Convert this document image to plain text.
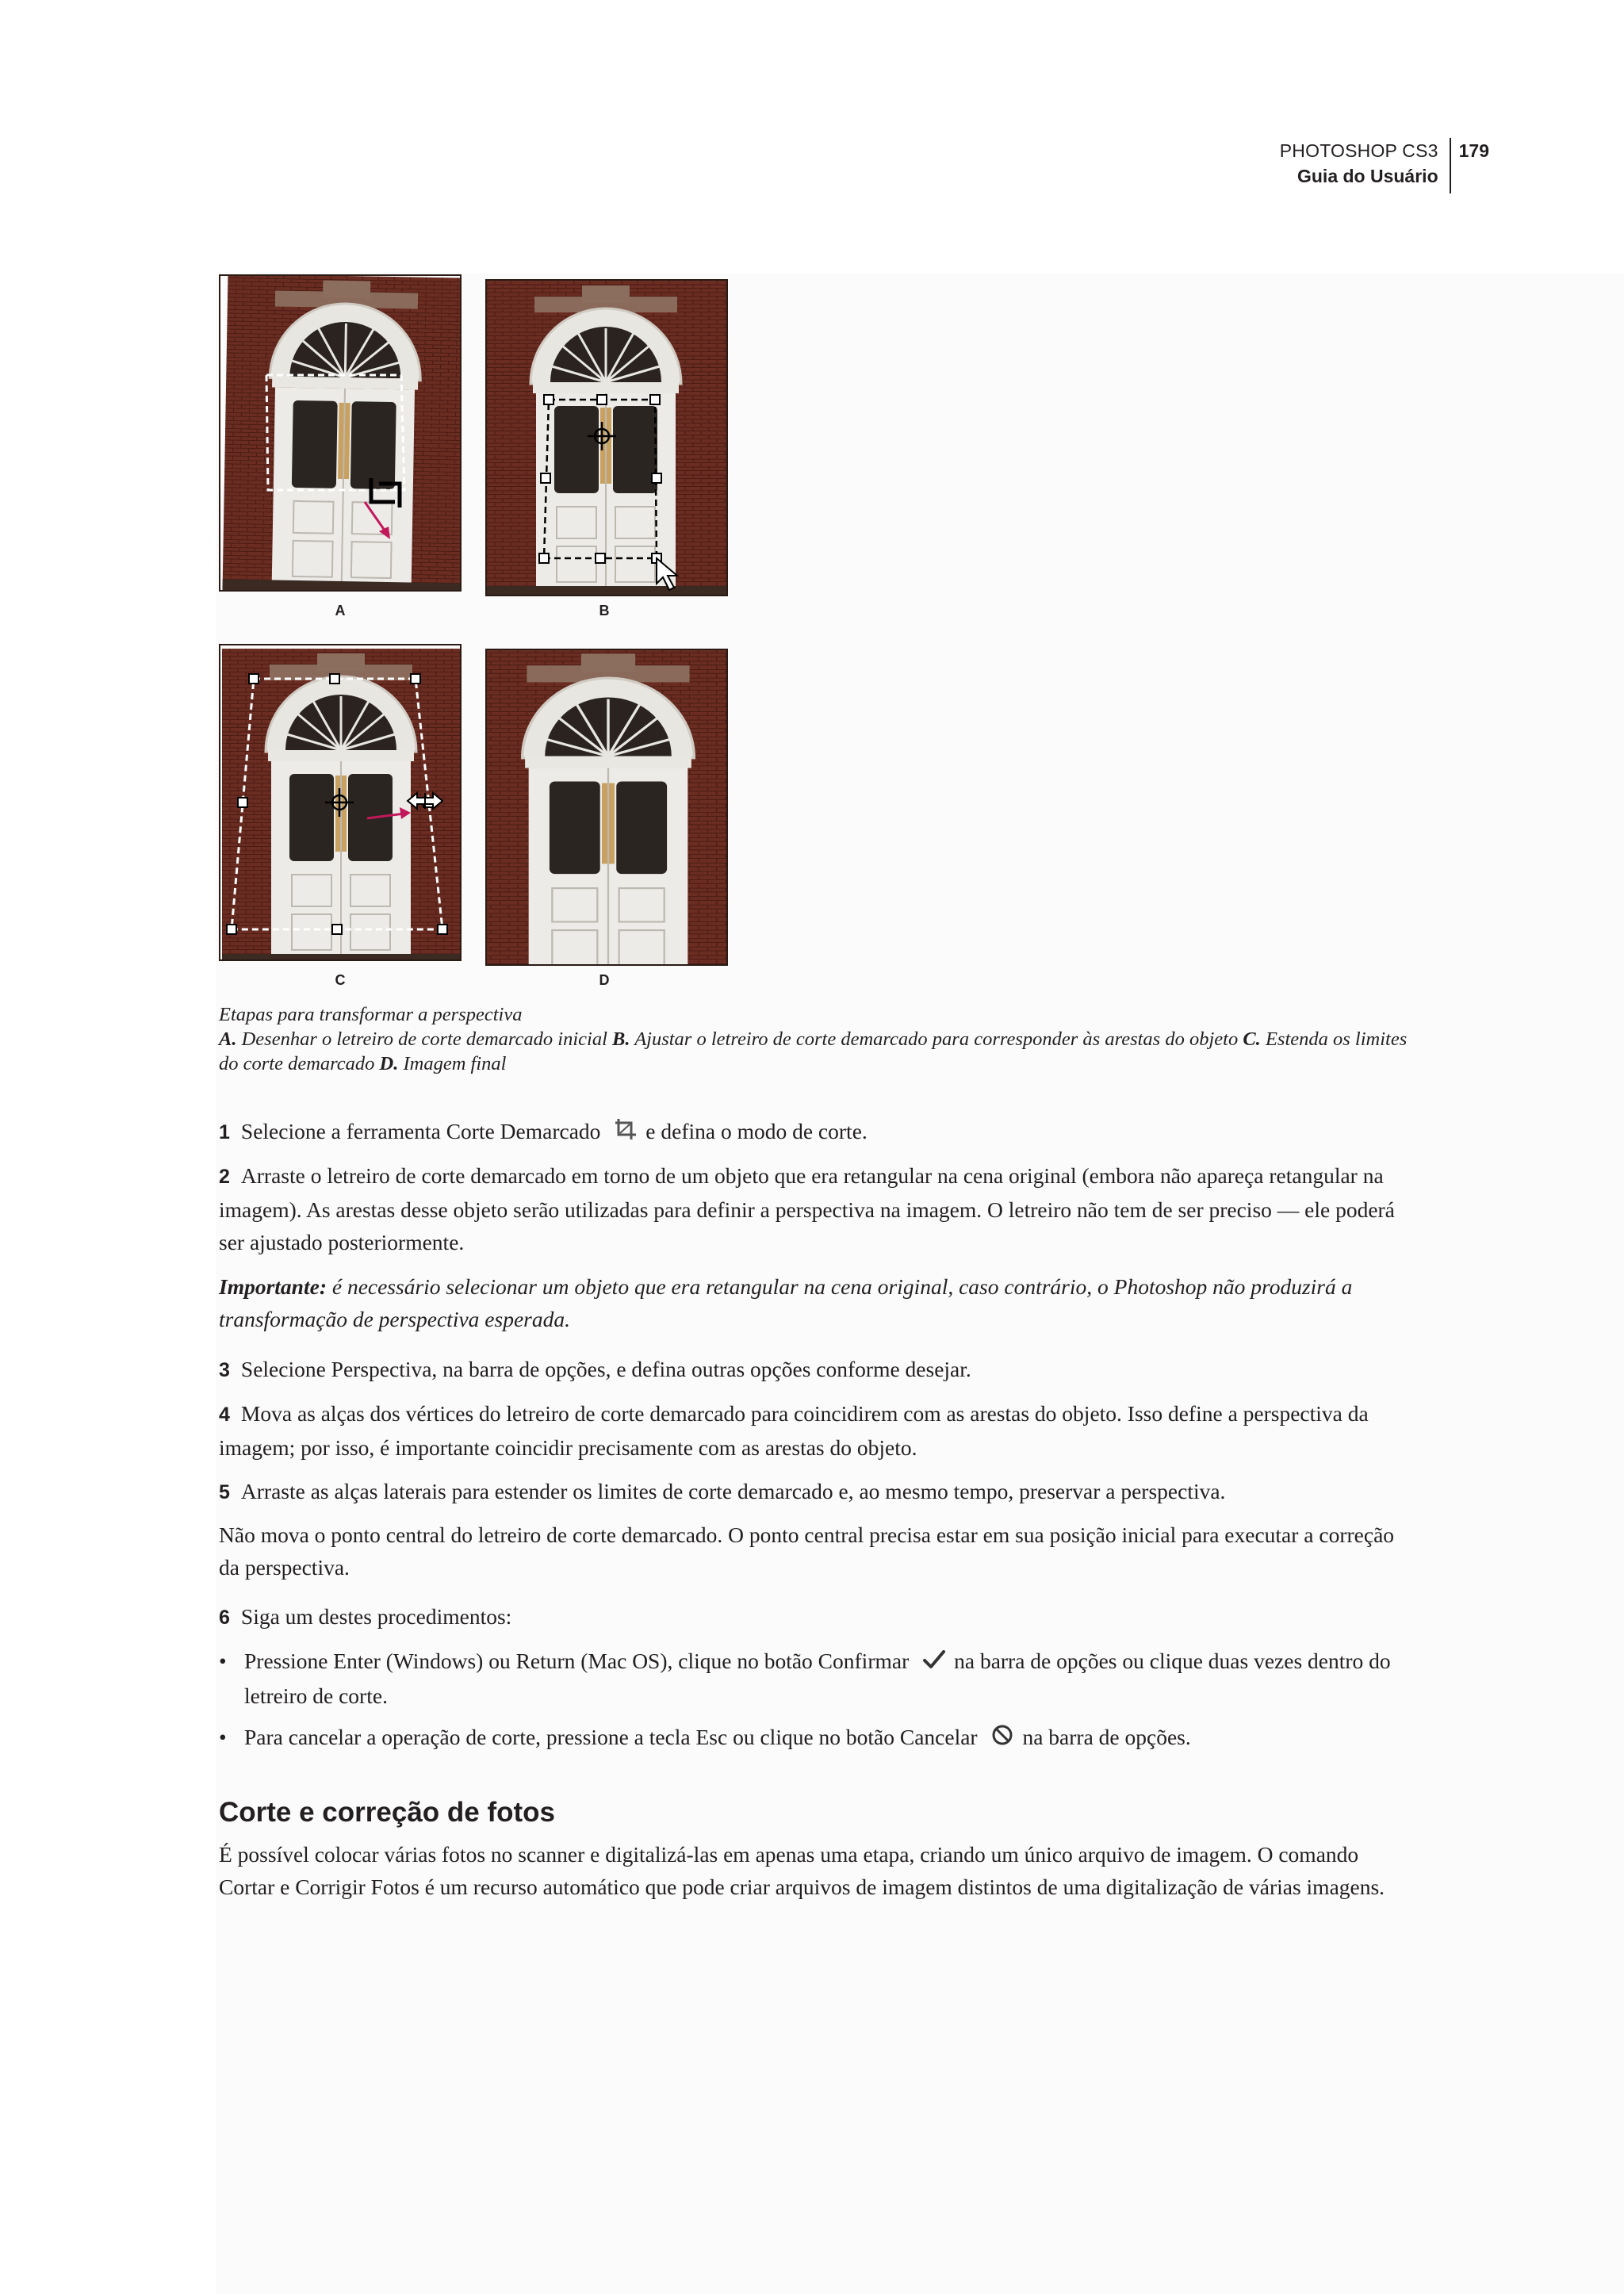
PHOTOSHOP CS3
Guia do Usuário
179
A	B
C	D
Etapas para transformar a perspectiva
A. Desenhar o letreiro de corte demarcado inicial B. Ajustar o letreiro de corte demarcado para corresponder às arestas do objeto C. Estenda os limites do corte demarcado D. Imagem final
1 Selecione a ferramenta Corte Demarcado e defina o modo de corte.
2 Arraste o letreiro de corte demarcado em torno de um objeto que era retangular na cena original (embora não apareça retangular na imagem). As arestas desse objeto serão utilizadas para definir a perspectiva na imagem. O letreiro não tem de ser preciso — ele poderá ser ajustado posteriormente.
Importante: é necessário selecionar um objeto que era retangular na cena original, caso contrário, o Photoshop não produzirá a transformação de perspectiva esperada.
3 Selecione Perspectiva, na barra de opções, e defina outras opções conforme desejar.
4 Mova as alças dos vértices do letreiro de corte demarcado para coincidirem com as arestas do objeto. Isso define a perspectiva da imagem; por isso, é importante coincidir precisamente com as arestas do objeto.
5 Arraste as alças laterais para estender os limites de corte demarcado e, ao mesmo tempo, preservar a perspectiva.
Não mova o ponto central do letreiro de corte demarcado. O ponto central precisa estar em sua posição inicial para executar a correção da perspectiva.
6 Siga um destes procedimentos:
• Pressione Enter (Windows) ou Return (Mac OS), clique no botão Confirmar na barra de opções ou clique duas vezes dentro do letreiro de corte.
• Para cancelar a operação de corte, pressione a tecla Esc ou clique no botão Cancelar na barra de opções.
Corte e correção de fotos
É possível colocar várias fotos no scanner e digitalizá-las em apenas uma etapa, criando um único arquivo de imagem. O comando Cortar e Corrigir Fotos é um recurso automático que pode criar arquivos de imagem distintos de uma digitalização de várias imagens.
